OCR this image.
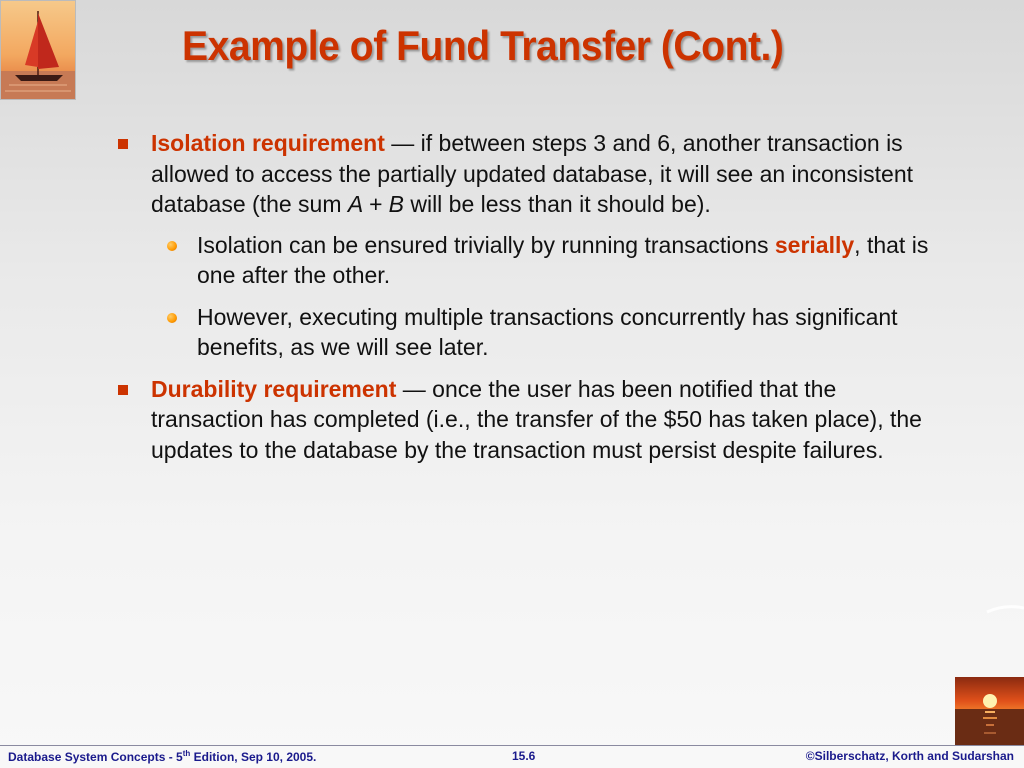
Example of Fund Transfer (Cont.)
Isolation requirement — if between steps 3 and 6, another transaction is allowed to access the partially updated database, it will see an inconsistent database (the sum A + B will be less than it should be).
Isolation can be ensured trivially by running transactions serially, that is one after the other.
However, executing multiple transactions concurrently has significant benefits, as we will see later.
Durability requirement — once the user has been notified that the transaction has completed (i.e., the transfer of the $50 has taken place), the updates to the database by the transaction must persist despite failures.
Database System Concepts - 5th Edition, Sep 10, 2005.	15.6	©Silberschatz, Korth and Sudarshan
